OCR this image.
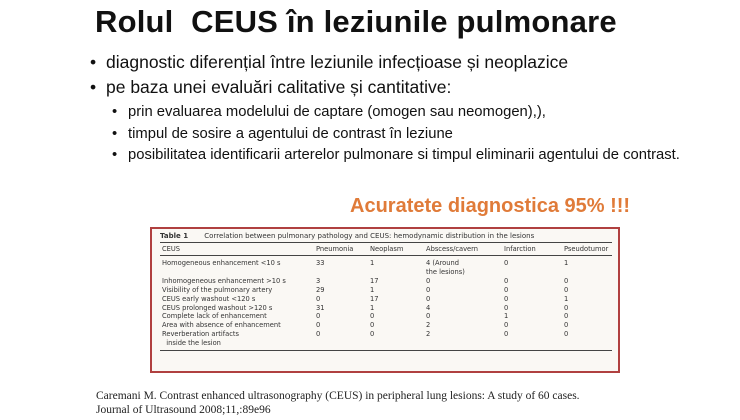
Rolul  CEUS în leziunile pulmonare
• diagnostic diferențial între leziunile infecțioase și neoplazice
• pe baza unei evaluări calitative și cantitative:
• prin evaluarea modelului de captare (omogen sau neomogen),),
• timpul de sosire a agentului de contrast în leziune
• posibilitatea identificarii arterelor pulmonare si timpul eliminarii agentului de contrast.
Acuratete diagnostica 95% !!!
Table 1 Correlation between pulmonary pathology and CEUS: hemodynamic distribution in the lesions
CEUS	Pneumonia	Neoplasm	Abscess/cavern	Infarction	Pseudotumor
Homogeneous enhancement <10 s	33	1	4 (Around	0	1
			the lesions)		
Inhomogeneous enhancement >10 s	3	17	0	0	0
Visibility of the pulmonary artery	29	1	0	0	0
CEUS early washout <120 s	0	17	0	0	1
CEUS prolonged washout >120 s	31	1	4	0	0
Complete lack of enhancement	0	0	0	1	0
Area with absence of enhancement	0	0	2	0	0
Reverberation artifacts	0	0	2	0	0
inside the lesion					
Caremani M. Contrast enhanced ultrasonography (CEUS) in peripheral lung lesions: A study of 60 cases.
Journal of Ultrasound 2008;11,:89e96
